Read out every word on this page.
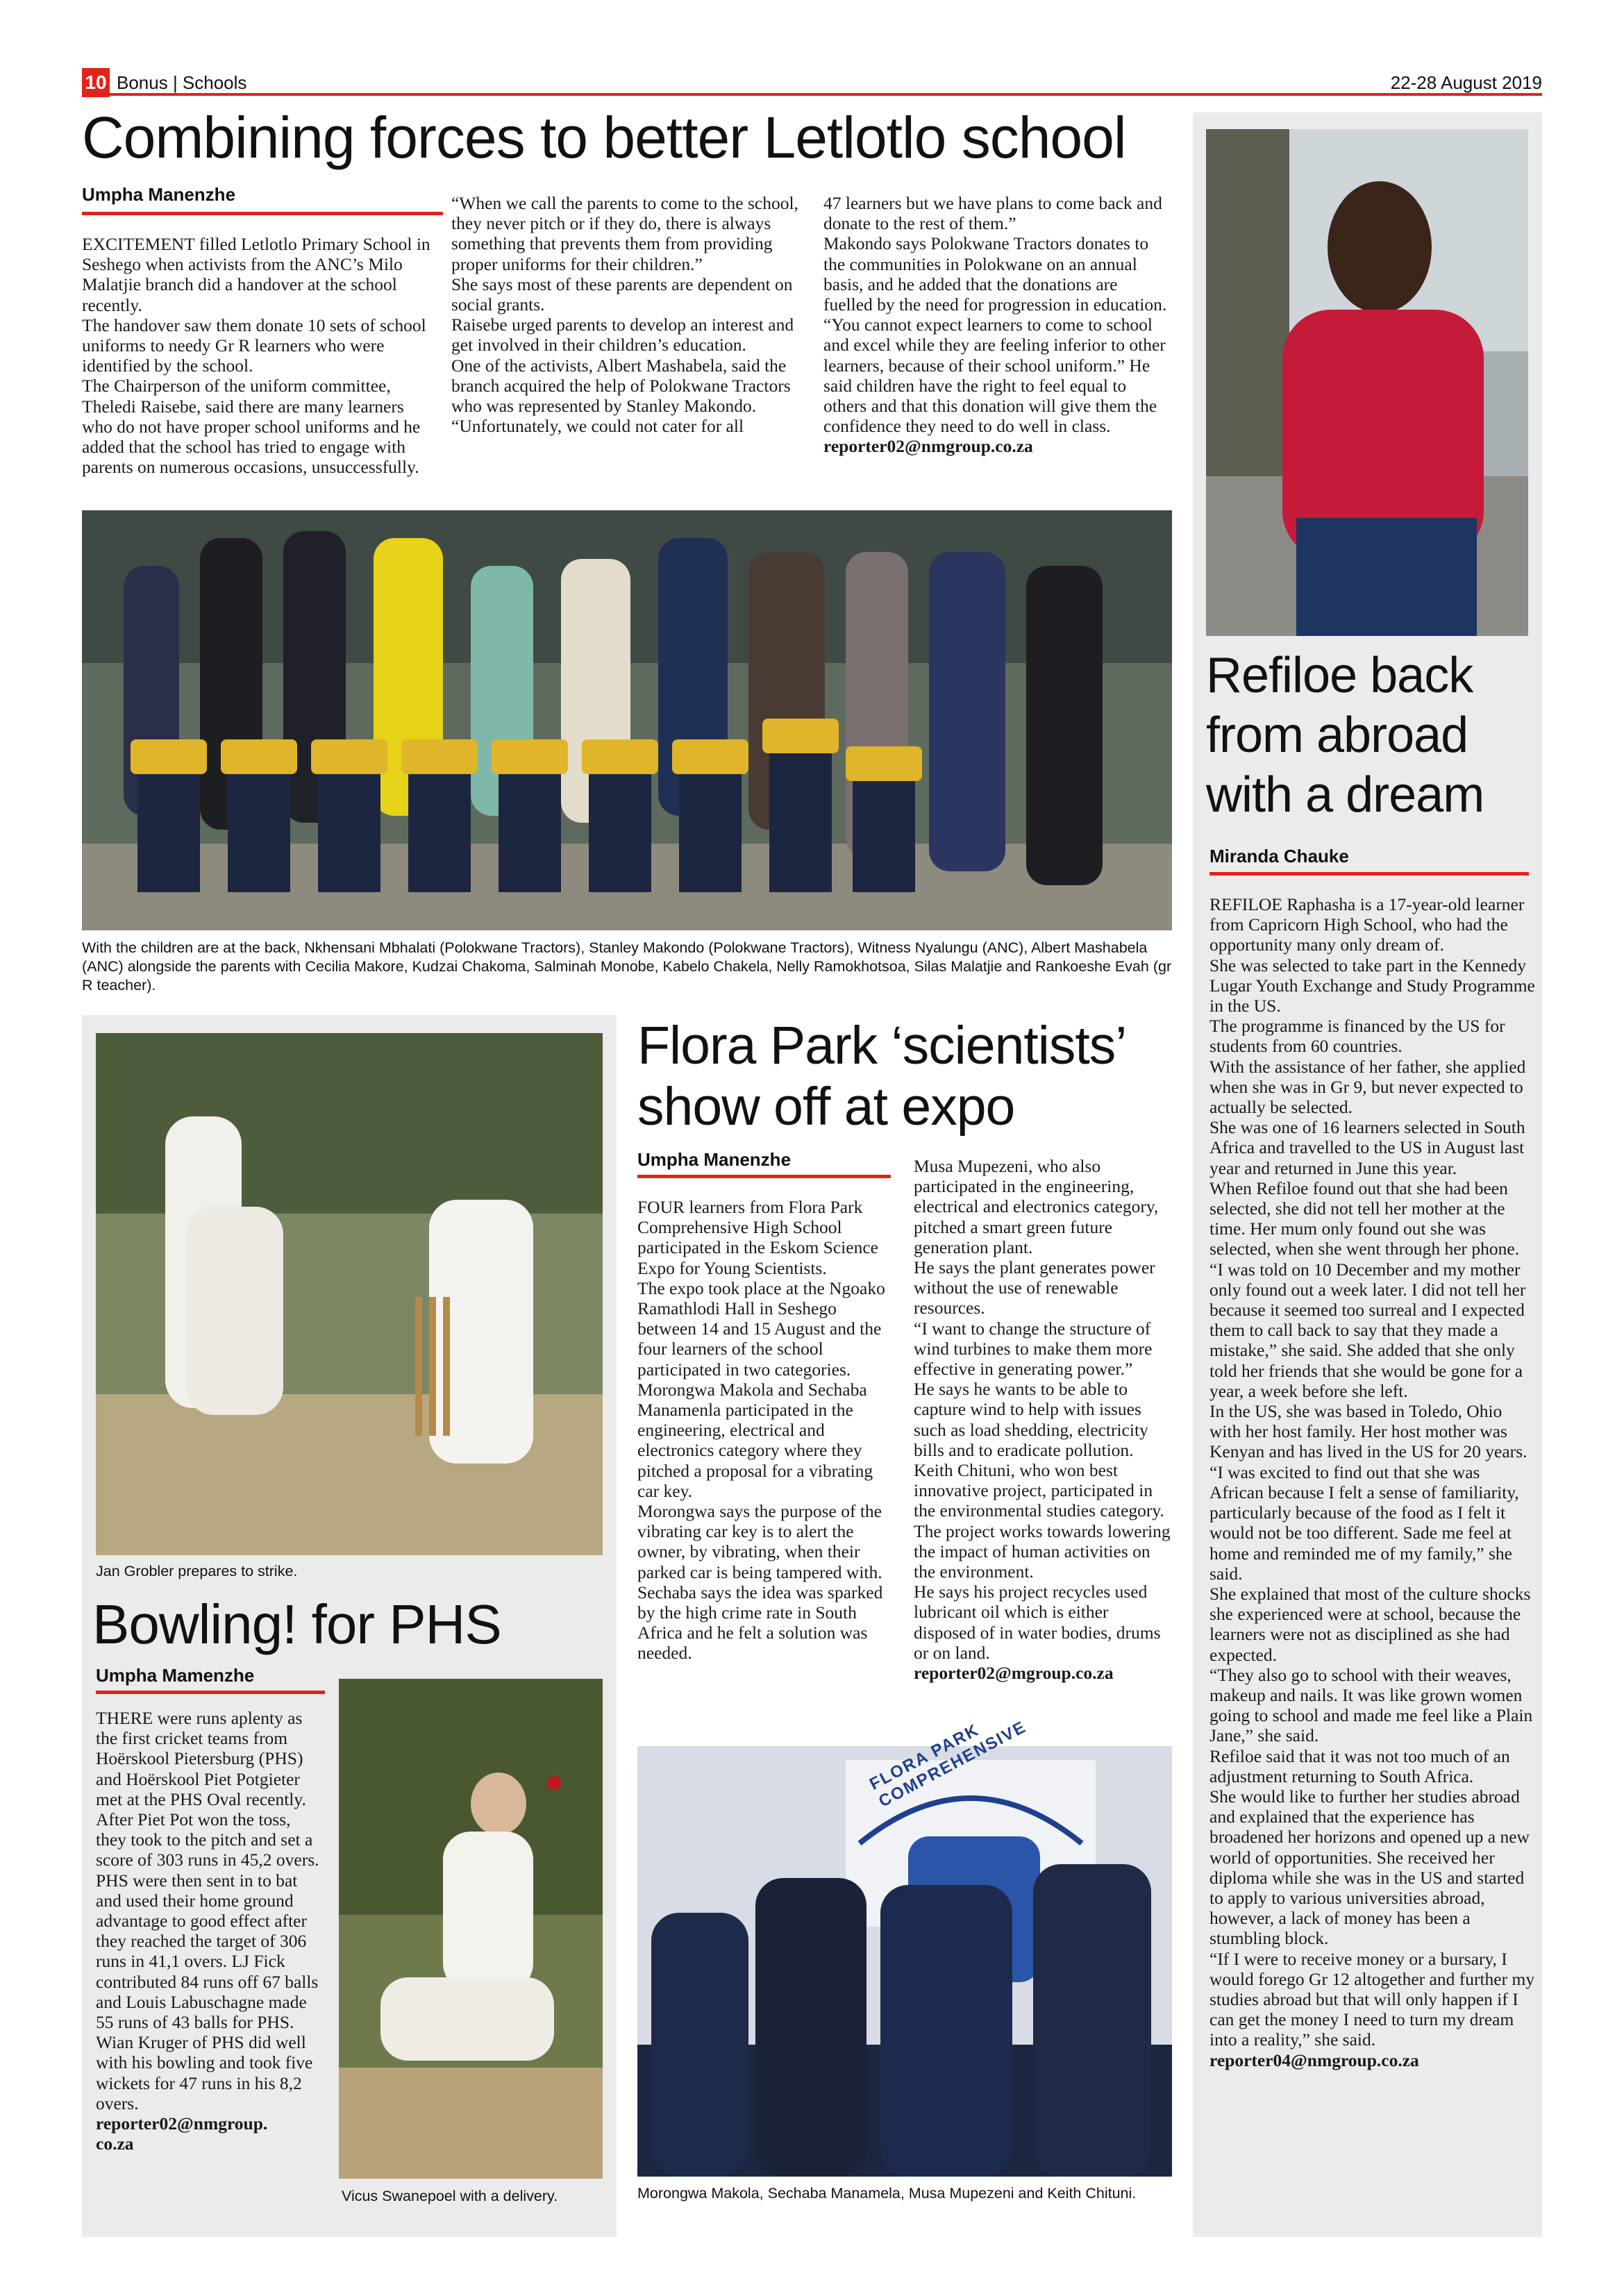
10 Bonus | Schools	22-28 August 2019
Combining forces to better Letlotlo school
Umpha Manenzhe

EXCITEMENT filled Letlotlo Primary School in Seshego when activists from the ANC’s Milo Malatjie branch did a handover at the school recently.
The handover saw them donate 10 sets of school uniforms to needy Gr R learners who were identified by the school.
The Chairperson of the uniform committee, Theledi Raisebe, said there are many learners who do not have proper school uniforms and he added that the school has tried to engage with parents on numerous occasions, unsuccessfully.

“When we call the parents to come to the school, they never pitch or if they do, there is always something that prevents them from providing proper uniforms for their children.”
She says most of these parents are dependent on social grants.
Raisebe urged parents to develop an interest and get involved in their children’s education.
One of the activists, Albert Mashabela, said the branch acquired the help of Polokwane Tractors who was represented by Stanley Makondo.
“Unfortunately, we could not cater for all

47 learners but we have plans to come back and donate to the rest of them.”
Makondo says Polokwane Tractors donates to the communities in Polokwane on an annual basis, and he added that the donations are fuelled by the need for progression in education.
“You cannot expect learners to come to school and excel while they are feeling inferior to other learners, because of their school uniform.” He said children have the right to feel equal to others and that this donation will give them the confidence they need to do well in class.

reporter02@nmgroup.co.za
With the children are at the back, Nkhensani Mbhalati (Polokwane Tractors), Stanley Makondo (Polokwane Tractors), Witness Nyalungu (ANC), Albert Mashabela (ANC) alongside the parents with Cecilia Makore, Kudzai Chakoma, Salminah Monobe, Kabelo Chakela, Nelly Ramokhotsoa, Silas Malatjie and Rankoeshe Evah (gr R teacher).
Refiloe back from abroad with a dream
Miranda Chauke

REFILOE Raphasha is a 17-year-old learner from Capricorn High School, who had the opportunity many only dream of.
She was selected to take part in the Kennedy Lugar Youth Exchange and Study Programme in the US.
The programme is financed by the US for students from 60 countries.
With the assistance of her father, she applied when she was in Gr 9, but never expected to actually be selected.
She was one of 16 learners selected in South Africa and travelled to the US in August last year and returned in June this year.
When Refiloe found out that she had been selected, she did not tell her mother at the time. Her mum only found out she was selected, when she went through her phone.
“I was told on 10 December and my mother only found out a week later. I did not tell her because it seemed too surreal and I expected them to call back to say that they made a mistake,” she said. She added that she only told her friends that she would be gone for a year, a week before she left.
In the US, she was based in Toledo, Ohio with her host family. Her host mother was Kenyan and has lived in the US for 20 years.
“I was excited to find out that she was African because I felt a sense of familiarity, particularly because of the food as I felt it would not be too different. Sade me feel at home and reminded me of my family,” she said.
She explained that most of the culture shocks she experienced were at school, because the learners were not as disciplined as she had expected.
“They also go to school with their weaves, makeup and nails. It was like grown women going to school and made me feel like a Plain Jane,” she said.
Refiloe said that it was not too much of an adjustment returning to South Africa.
She would like to further her studies abroad and explained that the experience has broadened her horizons and opened up a new world of opportunities. She received her diploma while she was in the US and started to apply to various universities abroad, however, a lack of money has been a stumbling block.
“If I were to receive money or a bursary, I would forego Gr 12 altogether and further my studies abroad but that will only happen if I can get the money I need to turn my dream into a reality,” she said.

reporter04@nmgroup.co.za
Jan Grobler prepares to strike.
Bowling! for PHS
Umpha Mamenzhe

THERE were runs aplenty as the first cricket teams from Hoërskool Pietersburg (PHS) and Hoërskool Piet Potgieter met at the PHS Oval recently.
After Piet Pot won the toss, they took to the pitch and set a score of 303 runs in 45,2 overs. PHS were then sent in to bat and used their home ground advantage to good effect after they reached the target of 306 runs in 41,1 overs. LJ Fick contributed 84 runs off 67 balls and Louis Labuschagne made 55 runs of 43 balls for PHS.
Wian Kruger of PHS did well with his bowling and took five wickets for 47 runs in his 8,2 overs.

reporter02@nmgroup.
co.za
Vicus Swanepoel with a delivery.
Flora Park ‘scientists’ show off at expo
Umpha Manenzhe

FOUR learners from Flora Park Comprehensive High School participated in the Eskom Science Expo for Young Scientists.
The expo took place at the Ngoako Ramathlodi Hall in Seshego between 14 and 15 August and the four learners of the school participated in two categories.
Morongwa Makola and Sechaba Manamenla participated in the engineering, electrical and electronics category where they pitched a proposal for a vibrating car key.
Morongwa says the purpose of the vibrating car key is to alert the owner, by vibrating, when their parked car is being tampered with.
Sechaba says the idea was sparked by the high crime rate in South Africa and he felt a solution was needed.

Musa Mupezeni, who also participated in the engineering, electrical and electronics category, pitched a smart green future generation plant.
He says the plant generates power without the use of renewable resources.
“I want to change the structure of wind turbines to make them more effective in generating power.”
He says he wants to be able to capture wind to help with issues such as load shedding, electricity bills and to eradicate pollution.
Keith Chituni, who won best innovative project, participated in the environmental studies category.
The project works towards lowering the impact of human activities on the environment.
He says his project recycles used lubricant oil which is either disposed of in water bodies, drums or on land.

reporter02@mgroup.co.za
FLORA PARK COMPREHENSIVE
Morongwa Makola, Sechaba Manamela, Musa Mupezeni and Keith Chituni.
